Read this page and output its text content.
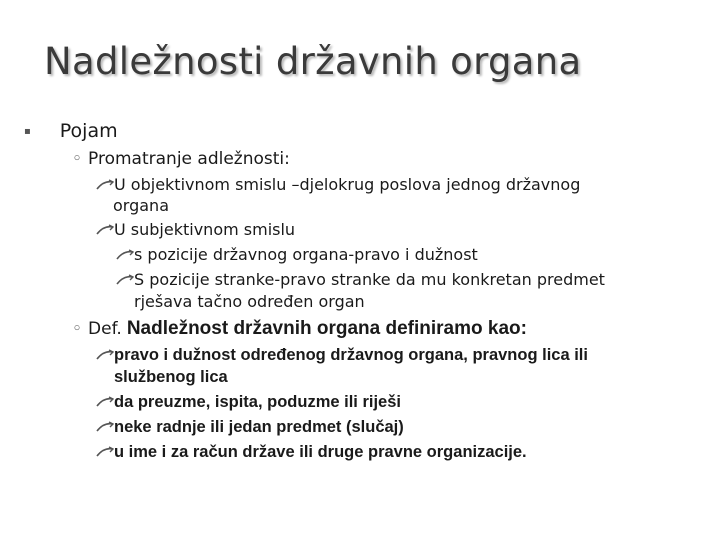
Nadležnosti državnih organa
▪ Pojam
◦ Promatranje adležnosti:
U objektivnom smislu –djelokrug poslova jednog državnog
organa
U subjektivnom smislu
s pozicije državnog organa-pravo i dužnost
S pozicije stranke-pravo stranke da mu konkretan predmet
rješava tačno određen organ
◦ Def. Nadležnost državnih organa definiramo kao:
pravo i dužnost određenog državnog organa, pravnog lica ili
službenog lica
da preuzme, ispita, poduzme ili riješi
neke radnje ili jedan predmet (slučaj)
u ime i za račun države ili druge pravne organizacije.
